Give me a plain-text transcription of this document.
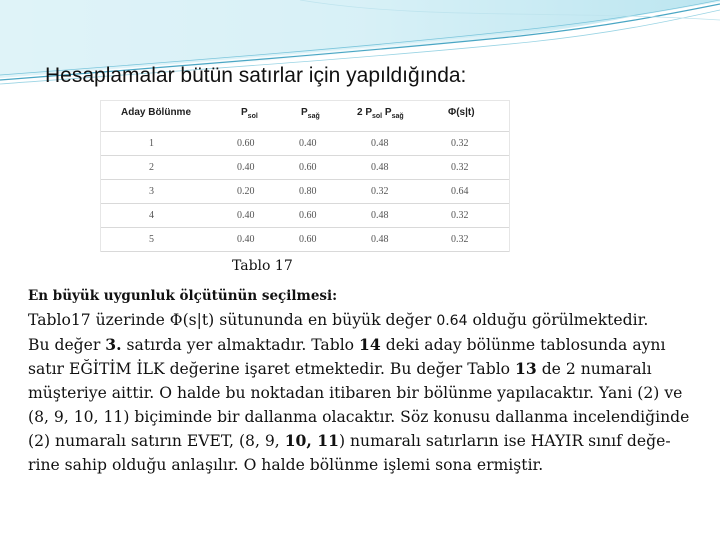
Hesaplamalar bütün satırlar için yapıldığında:
Aday Bölünme	$P_{sol}$	$P_{sağ}$	2 $P_{sol}$ $P_{sağ}$	Φ(s|t)
1	0.60	0.40	0.48	0.32
2	0.40	0.60	0.48	0.32
3	0.20	0.80	0.32	0.64
4	0.40	0.60	0.48	0.32
5	0.40	0.60	0.48	0.32
Tablo 17
En büyük uygunluk ölçütünün seçilmesi:

Tablo17 üzerinde Φ(s|t) sütununda en büyük değer 0.64 olduğu görülmektedir.

Bu değer 3. satırda yer almaktadır. Tablo 14 deki aday bölünme tablosunda aynı satır EĞİTİM İLK değerine işaret etmektedir. Bu değer Tablo 13 de 2 numaralı müşteriye aittir. O halde bu noktadan itibaren bir bölünme yapılacaktır. Yani (2) ve (8, 9, 10, 11) biçiminde bir dallanma olacaktır. Söz konusu dallanma incelendiğinde (2) numaralı satırın EVET, (8, 9, 10, 11) numaralı satırların ise HAYIR sınıf değe-rine sahip olduğu anlaşılır. O halde bölünme işlemi sona ermiştir.
